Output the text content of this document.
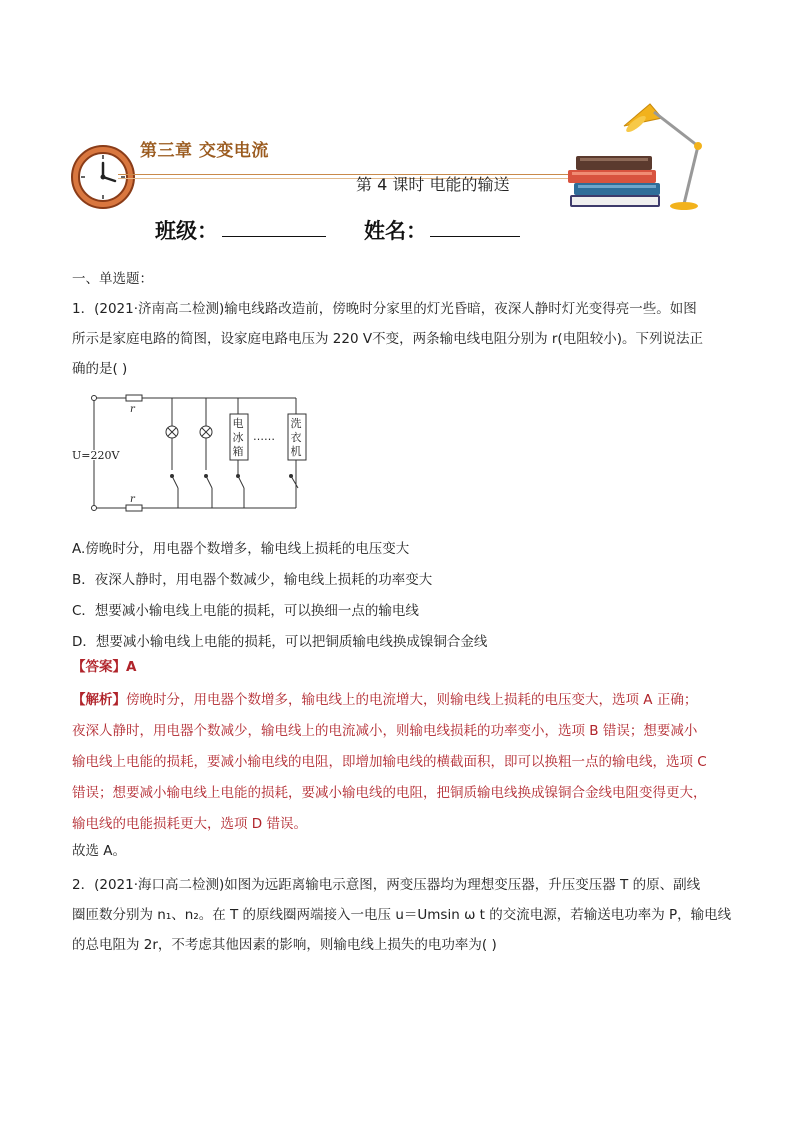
第三章 交变电流
第 4 课时 电能的输送
班级：	姓名：
一、单选题：
1．(2021·济南高二检测)输电线路改造前，傍晚时分家里的灯光昏暗，夜深人静时灯光变得亮一些。如图
所示是家庭电路的简图，设家庭电路电压为 220 V不变，两条输电线电阻分别为 r(电阻较小)。下列说法正
确的是( )
r
r
U=220V
电
冰
箱
洗
衣
机
……
A.傍晚时分，用电器个数增多，输电线上损耗的电压变大
B．夜深人静时，用电器个数减少，输电线上损耗的功率变大
C．想要减小输电线上电能的损耗，可以换细一点的输电线
D．想要减小输电线上电能的损耗，可以把铜质输电线换成镍铜合金线
【答案】A
【解析】傍晚时分，用电器个数增多，输电线上的电流增大，则输电线上损耗的电压变大，选项 A 正确；
夜深人静时，用电器个数减少，输电线上的电流减小，则输电线损耗的功率变小，选项 B 错误；想要减小
输电线上电能的损耗，要减小输电线的电阻，即增加输电线的横截面积，即可以换粗一点的输电线，选项 C
错误；想要减小输电线上电能的损耗，要减小输电线的电阻，把铜质输电线换成镍铜合金线电阻变得更大，
输电线的电能损耗更大，选项 D 错误。
故选 A。
2．(2021·海口高二检测)如图为远距离输电示意图，两变压器均为理想变压器，升压变压器 T 的原、副线
圈匝数分别为 n₁、n₂。在 T 的原线圈两端接入一电压 u＝Umsin ω t 的交流电源，若输送电功率为 P，输电线
的总电阻为 2r，不考虑其他因素的影响，则输电线上损失的电功率为( )
